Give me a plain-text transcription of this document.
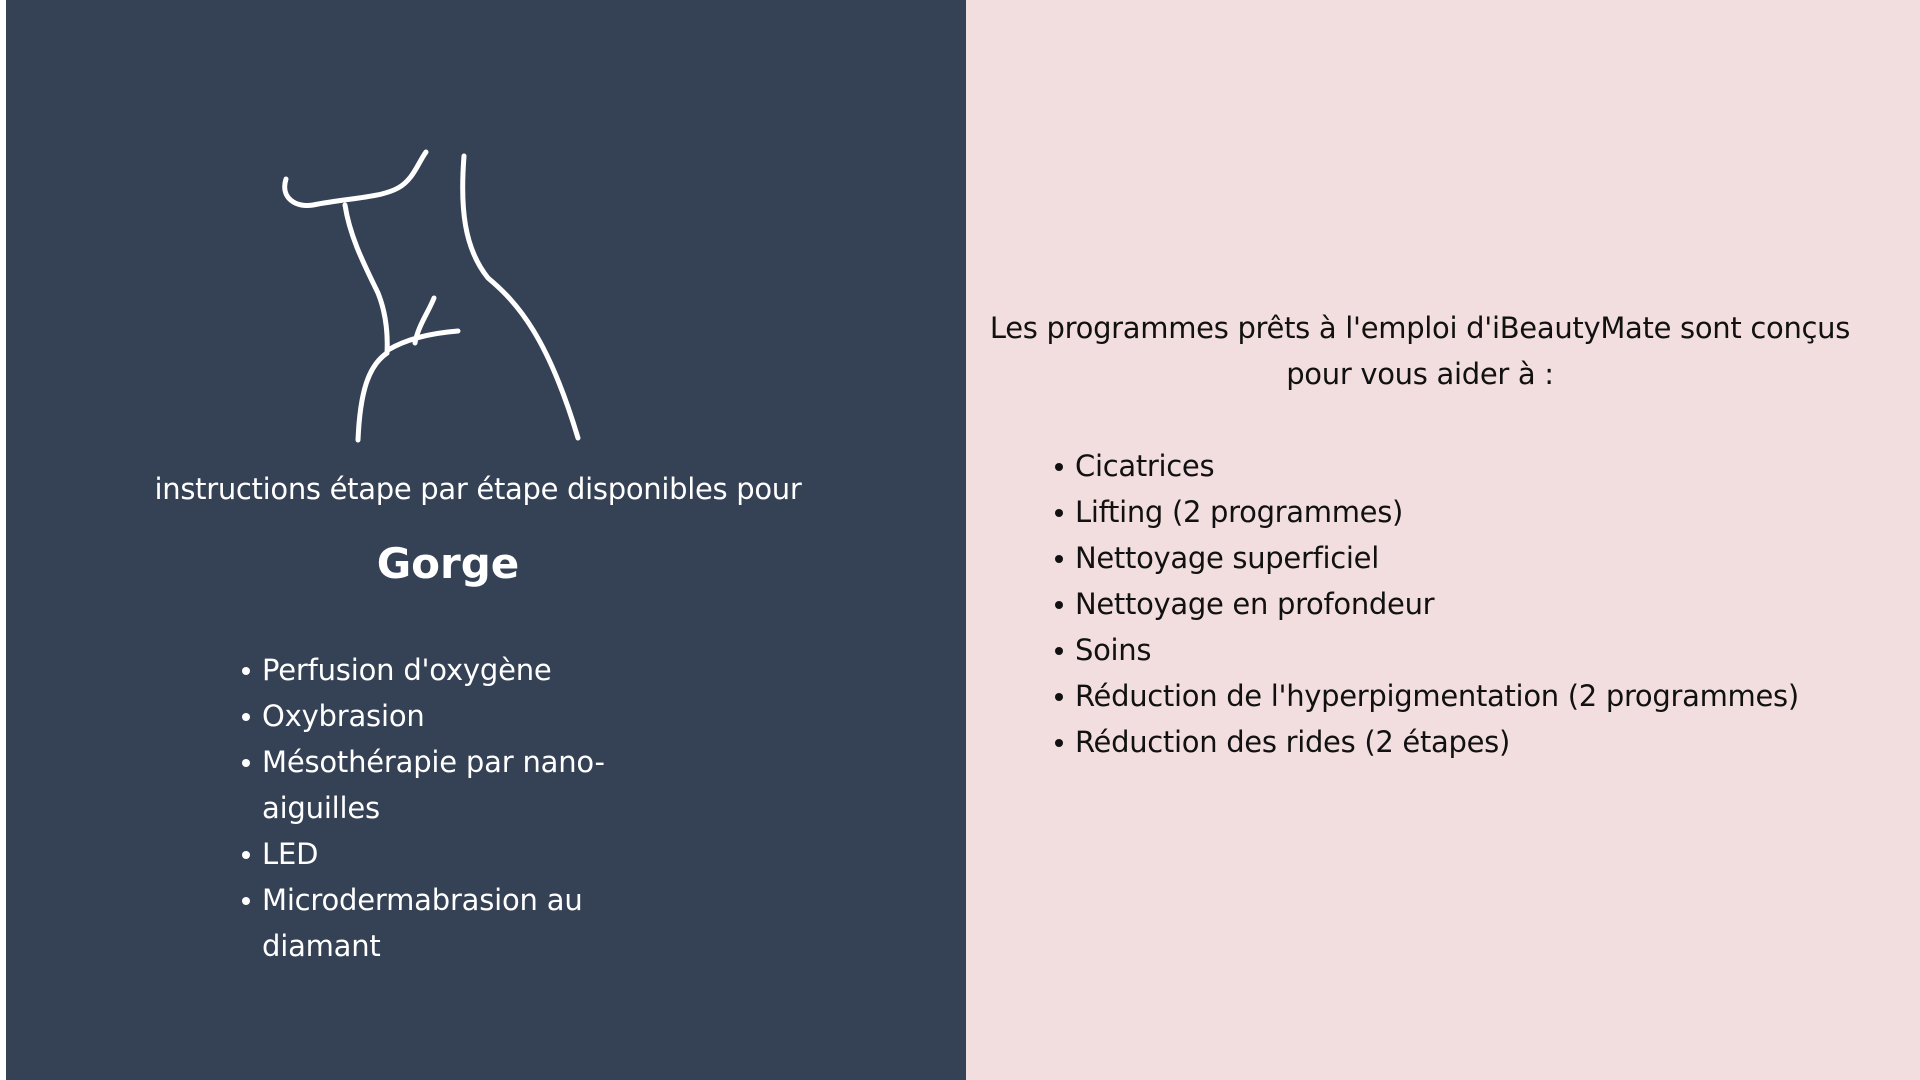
instructions étape par étape disponibles pour
Gorge
Perfusion d'oxygène
Oxybrasion
Mésothérapie par nano-aiguilles
LED
Microdermabrasion au diamant
Les programmes prêts à l'emploi d'iBeautyMate sont conçus pour vous aider à :
Cicatrices
Lifting (2 programmes)
Nettoyage superficiel
Nettoyage en profondeur
Soins
Réduction de l'hyperpigmentation (2 programmes)
Réduction des rides (2 étapes)
